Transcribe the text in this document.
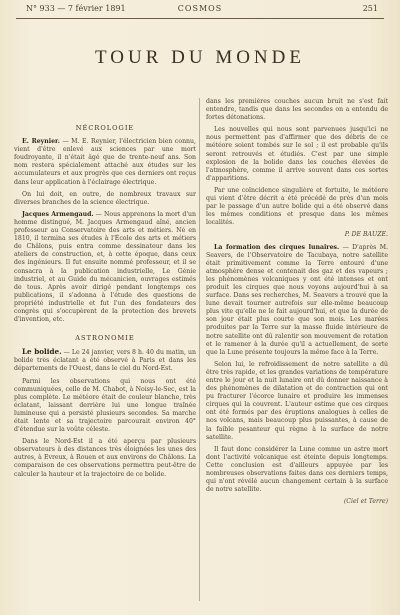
N° 933 — 7 février 1891	COSMOS	251
TOUR DU MONDE
NÉCROLOGIE

E. Reynier. — M. E. Reynier, l'électricien bien connu, vient d'être enlevé aux sciences par une mort foudroyante, il n'était âgé que de trente-neuf ans. Son nom restera spécialement attaché aux études sur les accumulateurs et aux progrès que ces derniers ont reçus dans leur application à l'éclairage électrique.

On lui doit, en outre, de nombreux travaux sur diverses branches de la science électrique.

Jacques Armengaud. — Nous apprenons la mort d'un homme distingué, M. Jacques Armengaud aîné, ancien professeur au Conservatoire des arts et métiers. Né en 1810, il termina ses études à l'École des arts et métiers de Châlons, puis entra comme dessinateur dans les ateliers de construction, et, à cette époque, dans ceux des ingénieurs. Il fut ensuite nommé professeur, et il se consacra à la publication industrielle, Le Génie industriel, et au Guide du mécanicien, ouvrages estimés de tous. Après avoir dirigé pendant longtemps ces publications, il s'adonna à l'étude des questions de propriété industrielle et fut l'un des fondateurs des congrès qui s'occupèrent de la protection des brevets d'invention, etc.

ASTRONOMIE

Le bolide. — Le 24 janvier, vers 8 h. 40 du matin, un bolide très éclatant a été observé à Paris et dans les départements de l'Ouest, dans le ciel du Nord-Est.

Parmi les observations qui nous ont été communiquées, celle de M. Chabot, à Noisy-le-Sec, est la plus complète. Le météore était de couleur blanche, très éclatant, laissant derrière lui une longue traînée lumineuse qui a persisté plusieurs secondes. Sa marche était lente et sa trajectoire parcourait environ 40° d'étendue sur la voûte céleste.

Dans le Nord-Est il a été aperçu par plusieurs observateurs à des distances très éloignées les unes des autres, à Evreux, à Rouen et aux environs de Châlons. La comparaison de ces observations permettra peut-être de calculer la hauteur et la trajectoire de ce bolide.

dans les premières couches aucun bruit ne s'est fait entendre, tandis que dans les secondes on a entendu de fortes détonations.

Les nouvelles qui nous sont parvenues jusqu'ici ne nous permettent pas d'affirmer que des débris de ce météore soient tombés sur le sol ; il est probable qu'ils seront retrouvés et étudiés. C'est par une simple explosion de la bolide dans les couches élevées de l'atmosphère, comme il arrive souvent dans ces sortes d'apparitions.

Par une coïncidence singulière et fortuite, le météore qui vient d'être décrit a été précédé de près d'un mois par le passage d'un autre bolide qui a été observé dans les mêmes conditions et presque dans les mêmes localités.

P. DE BAUZE.

La formation des cirques lunaires. — D'après M. Seavers, de l'Observatoire de Tacubaya, notre satellite était primitivement comme la Terre entouré d'une atmosphère dense et contenait des gaz et des vapeurs ; les phénomènes volcaniques y ont été intenses et ont produit les cirques que nous voyons aujourd'hui à sa surface. Dans ses recherches, M. Seavers a trouvé que la lune devait tourner autrefois sur elle-même beaucoup plus vite qu'elle ne le fait aujourd'hui, et que la durée de son jour était plus courte que son mois. Les marées produites par la Terre sur la masse fluide intérieure de notre satellite ont dû ralentir son mouvement de rotation et le ramener à la durée qu'il a actuellement, de sorte que la Lune présente toujours la même face à la Terre.

Selon lui, le refroidissement de notre satellite a dû être très rapide, et les grandes variations de température entre le jour et la nuit lunaire ont dû donner naissance à des phénomènes de dilatation et de contraction qui ont pu fracturer l'écorce lunaire et produire les immenses cirques qui la couvrent. L'auteur estime que ces cirques ont été formés par des éruptions analogues à celles de nos volcans, mais beaucoup plus puissantes, à cause de la faible pesanteur qui règne à la surface de notre satellite.

Il faut donc considérer la Lune comme un astre mort dont l'activité volcanique est éteinte depuis longtemps. Cette conclusion est d'ailleurs appuyée par les nombreuses observations faites dans ces derniers temps, qui n'ont révélé aucun changement certain à la surface de notre satellite.

(Ciel et Terre)
